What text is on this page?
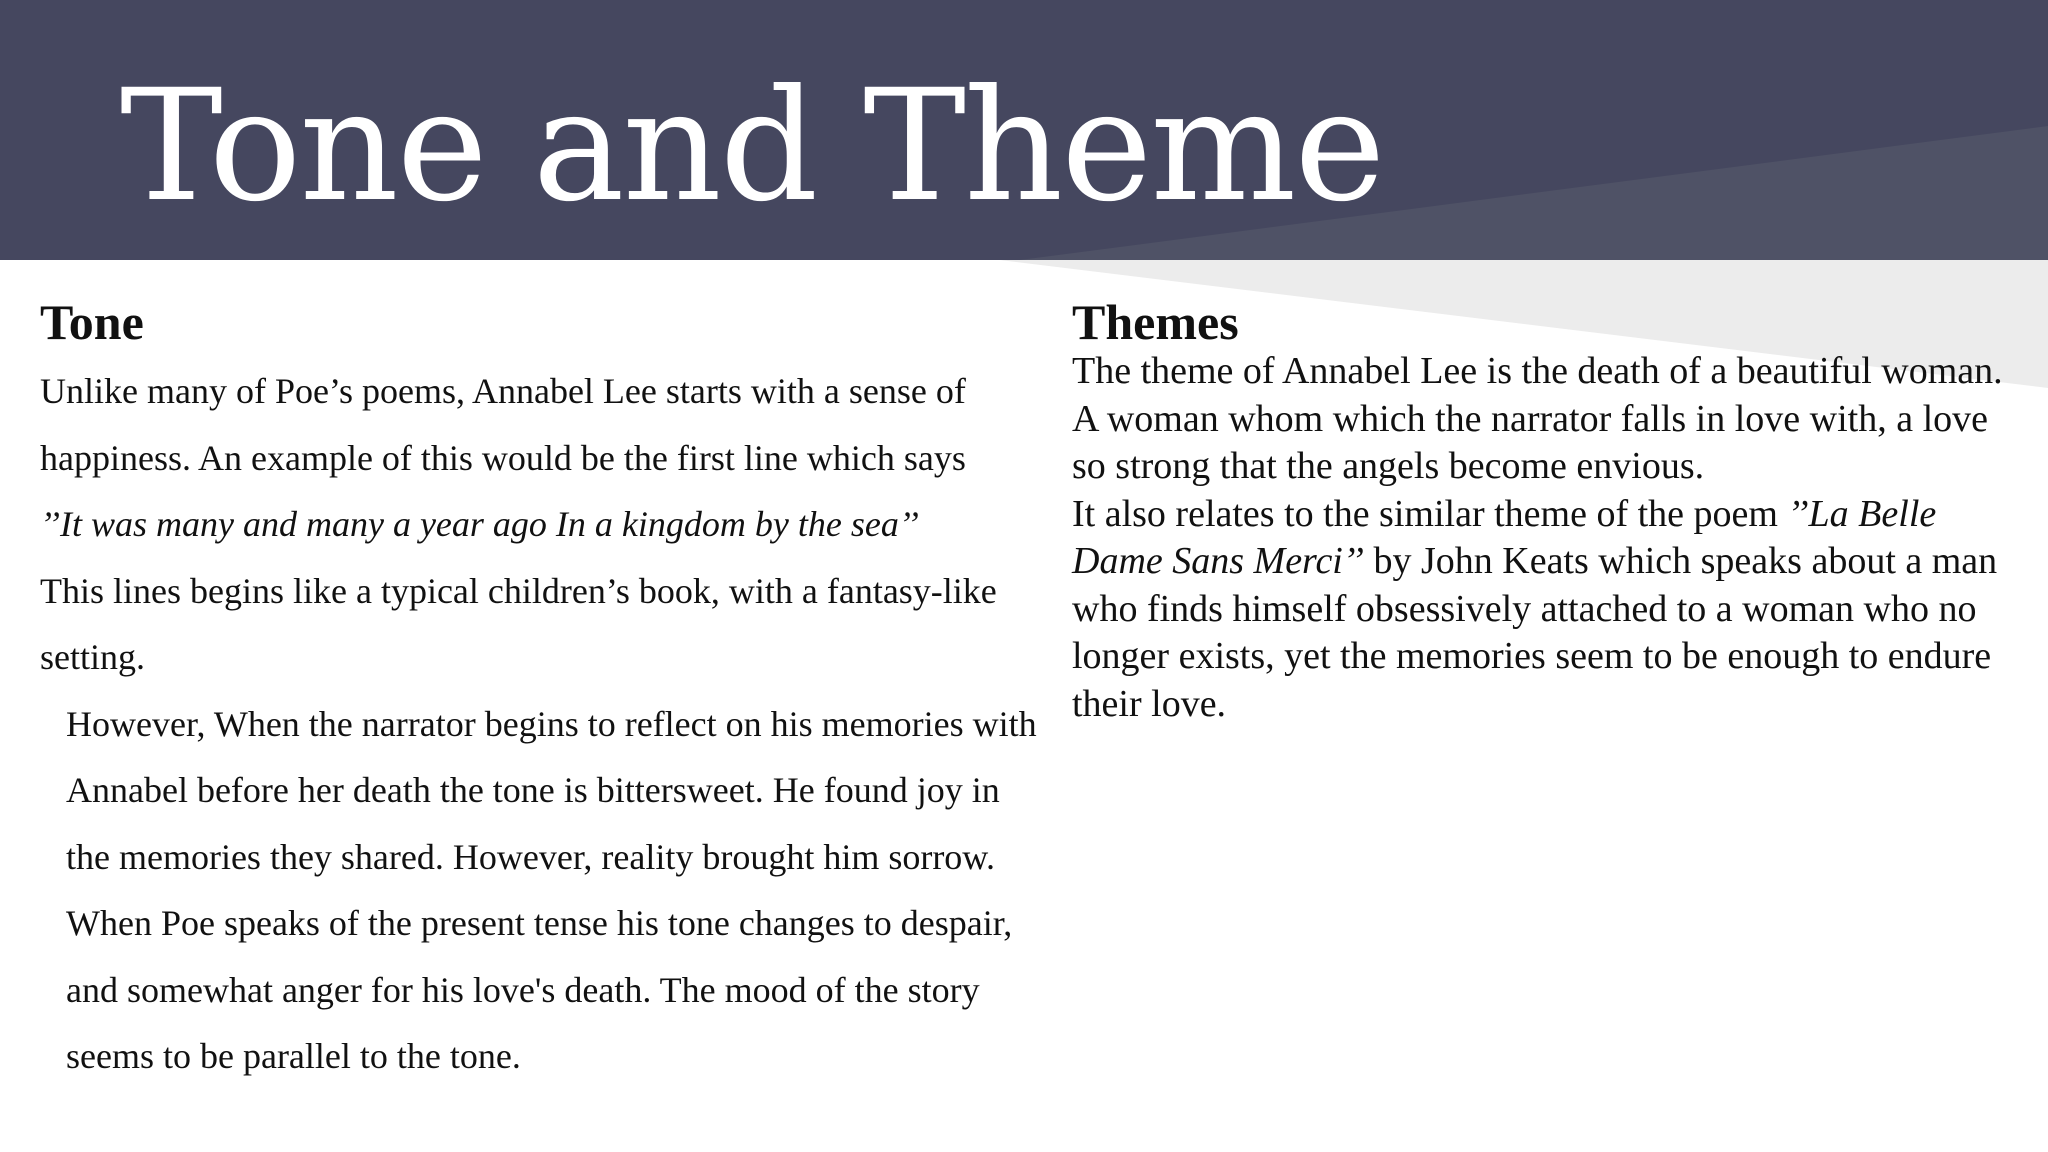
Tone and Theme
Tone

Unlike many of Poe’s poems, Annabel Lee starts with a sense of happiness. An example of this would be the first line which says
’’It was many and many a year ago In a kingdom by the sea’’
This lines begins like a typical children’s book, with a fantasy-like setting.

However, When the narrator begins to reflect on his memories with Annabel before her death the tone is bittersweet. He found joy in the memories they shared. However, reality brought him sorrow. When Poe speaks of the present tense his tone changes to despair, and somewhat anger for his love's death. The mood of the story seems to be parallel to the tone.

Themes

The theme of Annabel Lee is the death of a beautiful woman. A woman whom which the narrator falls in love with, a love so strong that the angels become envious.

It also relates to the similar theme of the poem ’’La Belle Dame Sans Merci’’ by John Keats which speaks about a man who finds himself obsessively attached to a woman who no longer exists, yet the memories seem to be enough to endure their love.
